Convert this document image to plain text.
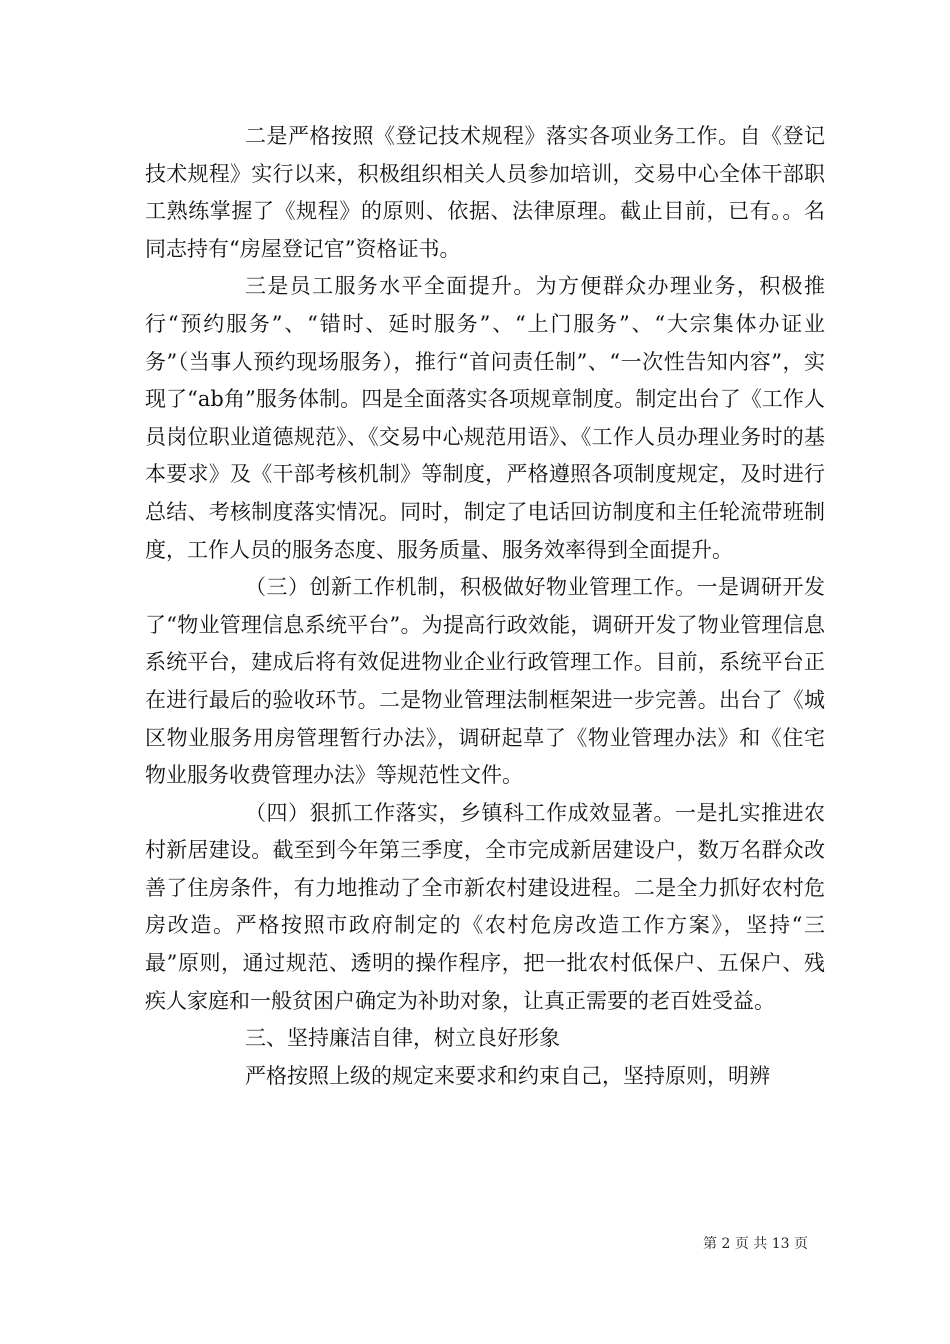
二是严格按照《登记技术规程》落实各项业务工作。自《登记技术规程》实行以来，积极组织相关人员参加培训，交易中心全体干部职工熟练掌握了《规程》的原则、依据、法律原理。截止目前，已有。。名同志持有“房屋登记官”资格证书。

三是员工服务水平全面提升。为方便群众办理业务，积极推行“预约服务”、“错时、延时服务”、“上门服务”、“大宗集体办证业务”（当事人预约现场服务），推行“首问责任制”、“一次性告知内容”，实现了“ab角”服务体制。四是全面落实各项规章制度。制定出台了《工作人员岗位职业道德规范》、《交易中心规范用语》、《工作人员办理业务时的基本要求》及《干部考核机制》等制度，严格遵照各项制度规定，及时进行总结、考核制度落实情况。同时，制定了电话回访制度和主任轮流带班制度，工作人员的服务态度、服务质量、服务效率得到全面提升。

（三）创新工作机制，积极做好物业管理工作。一是调研开发了“物业管理信息系统平台”。为提高行政效能，调研开发了物业管理信息系统平台，建成后将有效促进物业企业行政管理工作。目前，系统平台正在进行最后的验收环节。二是物业管理法制框架进一步完善。出台了《城区物业服务用房管理暂行办法》，调研起草了《物业管理办法》和《住宅物业服务收费管理办法》等规范性文件。

（四）狠抓工作落实，乡镇科工作成效显著。一是扎实推进农村新居建设。截至到今年第三季度，全市完成新居建设户，数万名群众改善了住房条件，有力地推动了全市新农村建设进程。二是全力抓好农村危房改造。严格按照市政府制定的《农村危房改造工作方案》，坚持“三最”原则，通过规范、透明的操作程序，把一批农村低保户、五保户、残疾人家庭和一般贫困户确定为补助对象，让真正需要的老百姓受益。

三、坚持廉洁自律，树立良好形象

严格按照上级的规定来要求和约束自己，坚持原则，明辨

第 2 页 共 13 页
